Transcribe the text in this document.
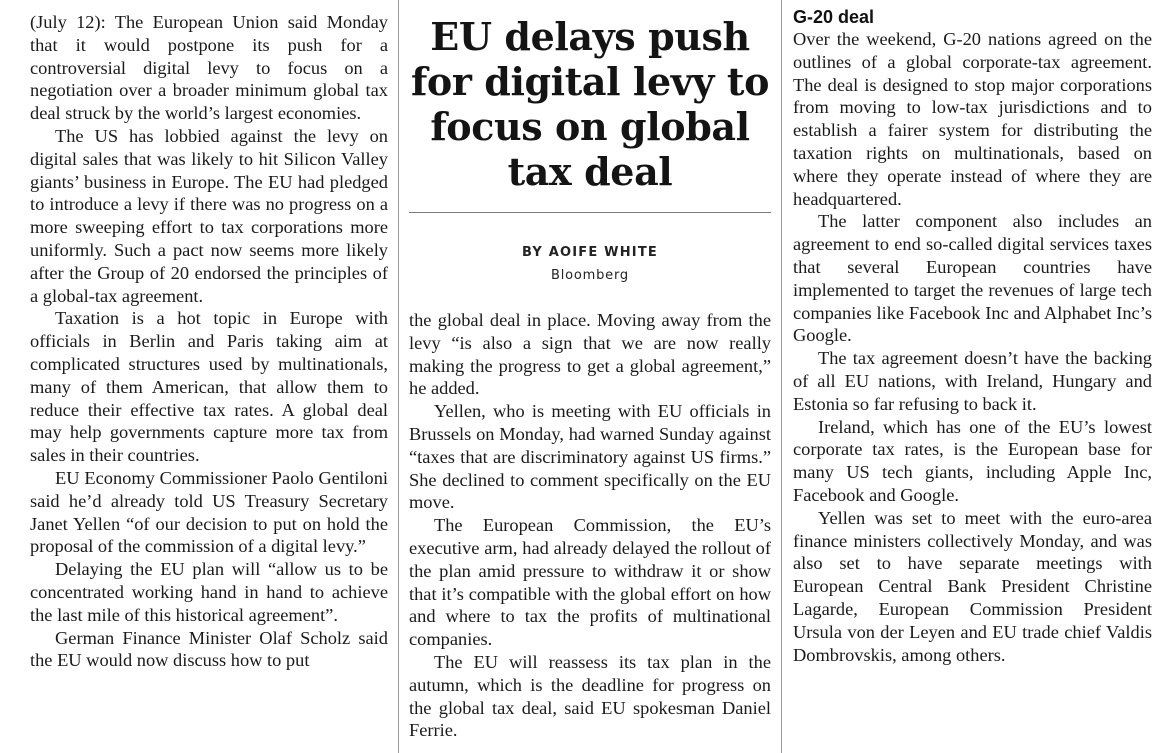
(July 12): The European Union said Monday that it would postpone its push for a controversial digital levy to focus on a negotiation over a broader minimum global tax deal struck by the world’s largest economies.

The US has lobbied against the levy on digital sales that was likely to hit Silicon Valley giants’ business in Europe. The EU had pledged to introduce a levy if there was no progress on a more sweeping effort to tax corporations more uniformly. Such a pact now seems more likely after the Group of 20 endorsed the principles of a global-tax agreement.

Taxation is a hot topic in Europe with officials in Berlin and Paris taking aim at complicated structures used by multinationals, many of them American, that allow them to reduce their effective tax rates. A global deal may help governments capture more tax from sales in their countries.

EU Economy Commissioner Paolo Gentiloni said he’d already told US Treasury Secretary Janet Yellen “of our decision to put on hold the proposal of the commission of a digital levy.”

Delaying the EU plan will “allow us to be concentrated working hand in hand to achieve the last mile of this historical agreement”.

German Finance Minister Olaf Scholz said the EU would now discuss how to put

EU delays push for digital levy to focus on global tax deal
BY AOIFE WHITE
Bloomberg

the global deal in place. Moving away from the levy “is also a sign that we are now really making the progress to get a global agreement,” he added.

Yellen, who is meeting with EU officials in Brussels on Monday, had warned Sunday against “taxes that are discriminatory against US firms.” She declined to comment specifically on the EU move.

The European Commission, the EU’s executive arm, had already delayed the rollout of the plan amid pressure to withdraw it or show that it’s compatible with the global effort on how and where to tax the profits of multinational companies.

The EU will reassess its tax plan in the autumn, which is the deadline for progress on the global tax deal, said EU spokesman Daniel Ferrie.

G-20 deal

Over the weekend, G-20 nations agreed on the outlines of a global corporate-tax agreement. The deal is designed to stop major corporations from moving to low-tax jurisdictions and to establish a fairer system for distributing the taxation rights on multinationals, based on where they operate instead of where they are headquartered.

The latter component also includes an agreement to end so-called digital services taxes that several European countries have implemented to target the revenues of large tech companies like Facebook Inc and Alphabet Inc’s Google.

The tax agreement doesn’t have the backing of all EU nations, with Ireland, Hungary and Estonia so far refusing to back it.

Ireland, which has one of the EU’s lowest corporate tax rates, is the European base for many US tech giants, including Apple Inc, Facebook and Google.

Yellen was set to meet with the euro-area finance ministers collectively Monday, and was also set to have separate meetings with European Central Bank President Christine Lagarde, European Commission President Ursula von der Leyen and EU trade chief Valdis Dombrovskis, among others.
